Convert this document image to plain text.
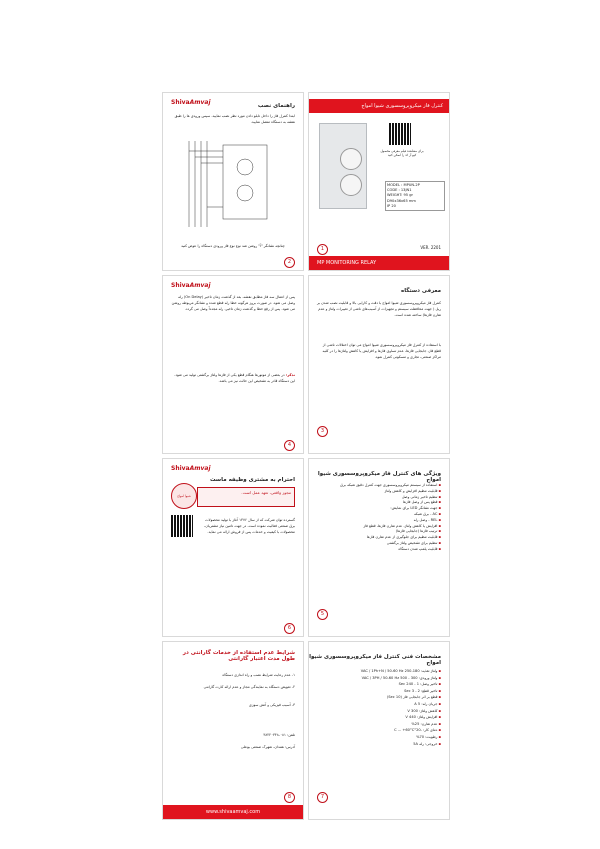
کنترل فاز میکروپروسسوری شیوا امواج
برای مشاهده فیلم معرفی محصول کیو آر کد را اسکن کنید
MODEL : MPUN-2P
CODE : 13JN1
WEIGHT: 95 gr
D90x36x65 mm
IP 20
1	VER. 2201
MP MONITORING RELAY
ShivaAmvaj	راهنمای نصب
ابتدا کنترل فاز را داخل تابلو دادن مورد نظر نصب نمایید. سپس ورودی ها را طبق نقشه به دستگاه متصل نمایید.
چنانچه نشانگر "آ" روشن شد نوع نوع فاز ورودی دستگاه را عوض کنید
2
معرفی دستگاه
کنترل فاز میکروپروسسوری شیوا امواج با دقت و کارایی بالا و قابلیت نصب شدن بر ریل ( جهت محافظت سیستم و تجهیزات از آسیب‌های ناشی از تغییرات ولتاژ و عدم تقارن فازها) ساخته شده است.
با استفاده از کنترل فاز میکروپروسسوری شیوا امواج می توان اختلالات ناشی از قطع فاز، جابجایی فازها، عدم تساوی فازها و افزایش یا کاهش ولتاژها را در کلیه مراکز صنعتی، تجاری و مسکونی کنترل نمود.
3
ShivaAmvaj
پس از اعمال سه فاز مطابق نقشه، بعد از گذشت زمان تاخیر (On Delay) رله وصل می شود. در صورت بروز هرگونه خطا رله قطع شده و نشانگر مربوطه روشن می شود. پس از رفع خطا و گذشت زمان تاخیر، رله مجدداً وصل می گردد.
تذکر: در بعضی از موتورها هنگام قطع یکی از فازها ولتاژ برگشتی تولید می شود. این دستگاه قادر به تشخیص این حالت نیز می باشد.
4
ویژگی های کنترل فاز میکروپروسسوری شیوا امواج
▪ استفاده از سیستم میکروپروسسوری جهت کنترل دقیق شبکه برق
▪ قابلیت تنظیم افزایش و کاهش ولتاژ
▪ تنظیم تاخیر زمانی وصل
▪ قطع پس از وصل فازها
▪ جهت نشانگر LED برای نمایش:
▪ AC - برق شبکه
▪ REL - وصل رله
▪ افزایش یا کاهش ولتاژ، عدم تقارن فازها، قطع فاز
▪ ترتیب فازها (جابجایی فازها)
▪ قابلیت تنظیم برای جلوگیری از عدم تقارن فازها
▪ تنظیم برای تشخیص ولتاژ برگشتی
▪ قابلیت پلمپ شدن دستگاه
5
ShivaAmvaj
احترام به مشتری وظیفه ماست
مجوز واقعی، تعهد عمل است.
شیوا امواج
گسترده توان شرکت که از سال ۱۳۷۶ آغاز با تولید محصولات برق صنعتی فعالیت نموده است. در جهت تامین نیاز مشتریان، محصولات با کیفیت و خدمات پس از فروش ارائه می نماید.
6
مشخصات فنی کنترل فاز میکروپروسسوری شیوا امواج
▪ ولتاژ تغذیه: 180-250 VAC / 1Ph+N / 50-60 Hz
▪ ولتاژ ورودی: 300 - 500 VAC / 3PH / 50-60 Hz
▪ تاخیر وصل: 1 - 240 Sec
▪ تاخیر قطع: 2 - 3 Sec
▪ قطع بر اثر جابجایی فاز (10 Sec)
▪ جریان رله: 5 A
▪ کاهش ولتاژ: 300 V
▪ افزایش ولتاژ: 440 V
▪ عدم تقارن: 25%
▪ دمای کار: -20°C ... +60°C
▪ رطوبت: 70%
▪ خروجی: رله 5A
7
شرایط عدم استفاده از خدمات گارانتی در طول مدت اعتبار گارانتی
۱- عدم رعایت شرایط نصب و راه اندازی دستگاه
۲- تعویض دستگاه به نمایندگی مجاز و عدم ارائه کارت گارانتی
۳- آسیب فیزیکی و آتش سوزی
تلفن: ۰۸۱-۳۸۲۲۰۳۴۸
آدرس: همدان، شهرک صنعتی بوعلی
www.shivaamvaj.com
8
